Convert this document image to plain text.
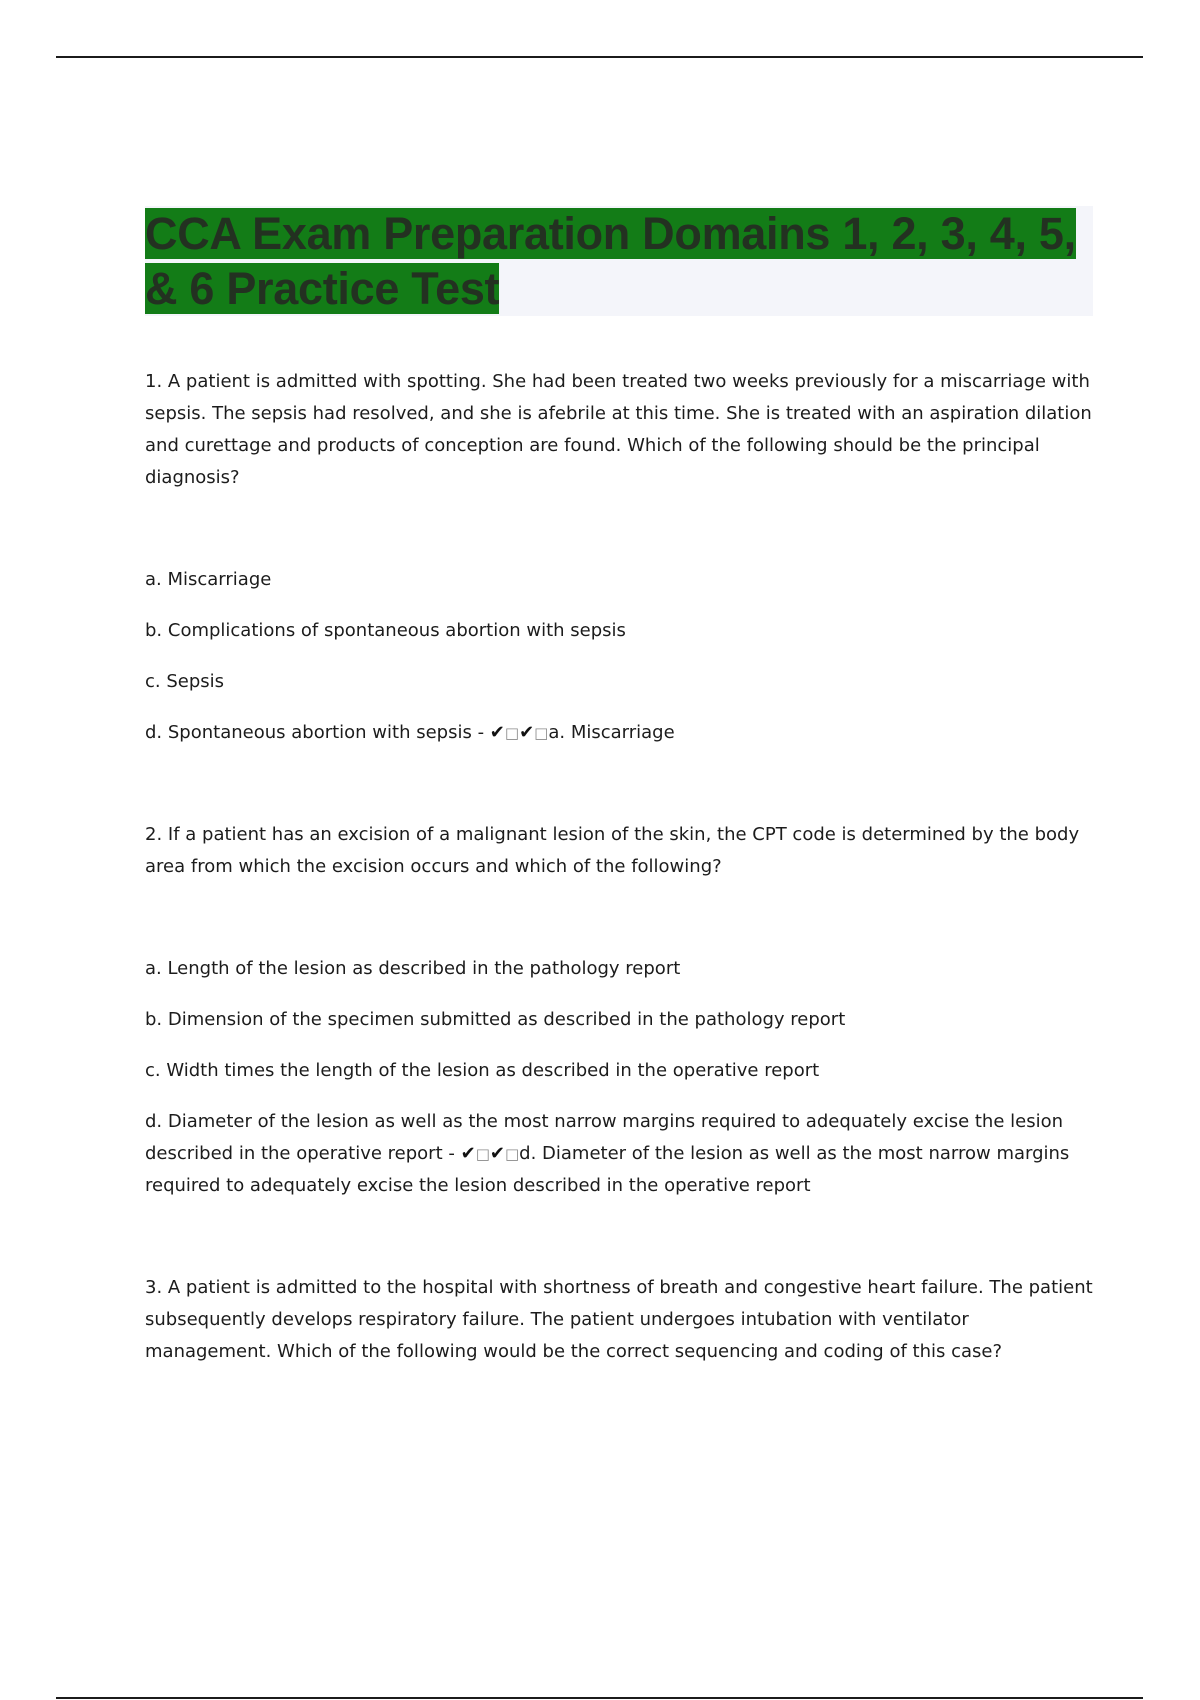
CCA Exam Preparation Domains 1, 2, 3, 4, 5, & 6 Practice Test

1. A patient is admitted with spotting. She had been treated two weeks previously for a miscarriage with sepsis. The sepsis had resolved, and she is afebrile at this time. She is treated with an aspiration dilation and curettage and products of conception are found. Which of the following should be the principal diagnosis?

a. Miscarriage

b. Complications of spontaneous abortion with sepsis

c. Sepsis

d. Spontaneous abortion with sepsis - ✔□✔□a. Miscarriage

2. If a patient has an excision of a malignant lesion of the skin, the CPT code is determined by the body area from which the excision occurs and which of the following?

a. Length of the lesion as described in the pathology report

b. Dimension of the specimen submitted as described in the pathology report

c. Width times the length of the lesion as described in the operative report

d. Diameter of the lesion as well as the most narrow margins required to adequately excise the lesion described in the operative report - ✔□✔□d. Diameter of the lesion as well as the most narrow margins required to adequately excise the lesion described in the operative report

3. A patient is admitted to the hospital with shortness of breath and congestive heart failure. The patient subsequently develops respiratory failure. The patient undergoes intubation with ventilator management. Which of the following would be the correct sequencing and coding of this case?
